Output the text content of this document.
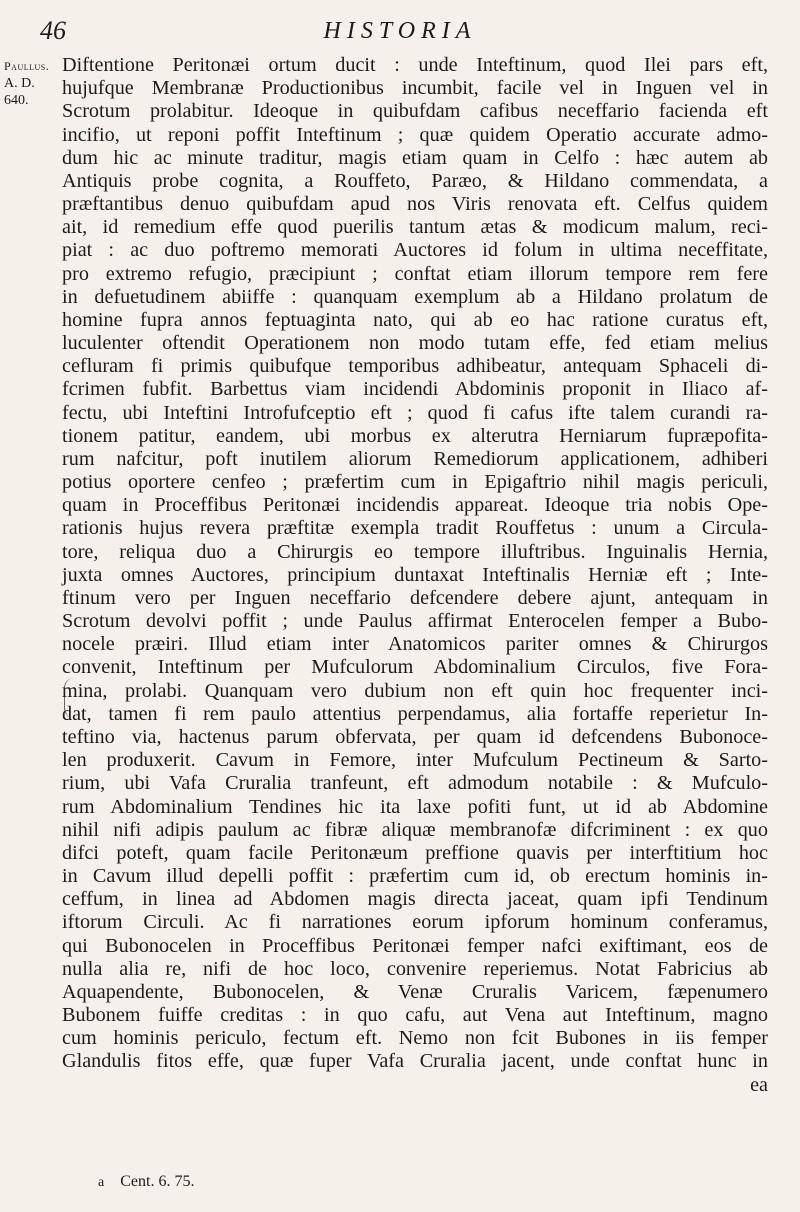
46	HISTORIA
Paullus.
A. D.
640.
Diftentione Peritonæi ortum ducit : unde Inteftinum, quod Ilei pars eft,
hujufque Membranæ Productionibus incumbit, facile vel in Inguen vel in
Scrotum prolabitur. Ideoque in quibufdam cafibus neceffario facienda eft
incifio, ut reponi poffit Inteftinum ; quæ quidem Operatio accurate admo-
dum hic ac minute traditur, magis etiam quam in Celfo : hæc autem ab
Antiquis probe cognita, a Rouffeto, Paræo, & Hildano commendata, a
præftantibus denuo quibufdam apud nos Viris renovata eft. Celfus quidem
ait, id remedium effe quod puerilis tantum ætas & modicum malum, reci-
piat : ac duo poftremo memorati Auctores id folum in ultima neceffitate,
pro extremo refugio, præcipiunt ; conftat etiam illorum tempore rem fere
in defuetudinem abiiffe : quanquam exemplum ab a Hildano prolatum de
homine fupra annos feptuaginta nato, qui ab eo hac ratione curatus eft,
luculenter oftendit Operationem non modo tutam effe, fed etiam melius
cefluram fi primis quibufque temporibus adhibeatur, antequam Sphaceli di-
fcrimen fubfit. Barbettus viam incidendi Abdominis proponit in Iliaco af-
fectu, ubi Inteftini Introfufceptio eft ; quod fi cafus ifte talem curandi ra-
tionem patitur, eandem, ubi morbus ex alterutra Herniarum fupræpofita-
rum nafcitur, poft inutilem aliorum Remediorum applicationem, adhiberi
potius oportere cenfeo ; præfertim cum in Epigaftrio nihil magis periculi,
quam in Proceffibus Peritonæi incidendis appareat. Ideoque tria nobis Ope-
rationis hujus revera præftitæ exempla tradit Rouffetus : unum a Circula-
tore, reliqua duo a Chirurgis eo tempore illuftribus. Inguinalis Hernia,
juxta omnes Auctores, principium duntaxat Inteftinalis Herniæ eft ; Inte-
ftinum vero per Inguen neceffario defcendere debere ajunt, antequam in
Scrotum devolvi poffit ; unde Paulus affirmat Enterocelen femper a Bubo-
nocele præiri. Illud etiam inter Anatomicos pariter omnes & Chirurgos
convenit, Inteftinum per Mufculorum Abdominalium Circulos, five Fora-
mina, prolabi. Quanquam vero dubium non eft quin hoc frequenter inci-
dat, tamen fi rem paulo attentius perpendamus, alia fortaffe reperietur In-
teftino via, hactenus parum obfervata, per quam id defcendens Bubonoce-
len produxerit. Cavum in Femore, inter Mufculum Pectineum & Sarto-
rium, ubi Vafa Cruralia tranfeunt, eft admodum notabile : & Mufculo-
rum Abdominalium Tendines hic ita laxe pofiti funt, ut id ab Abdomine
nihil nifi adipis paulum ac fibræ aliquæ membranofæ difcriminent : ex quo
difci poteft, quam facile Peritonæum preffione quavis per interftitium hoc
in Cavum illud depelli poffit : præfertim cum id, ob erectum hominis in-
ceffum, in linea ad Abdomen magis directa jaceat, quam ipfi Tendinum
iftorum Circuli. Ac fi narrationes eorum ipforum hominum conferamus,
qui Bubonocelen in Proceffibus Peritonæi femper nafci exiftimant, eos de
nulla alia re, nifi de hoc loco, convenire reperiemus. Notat Fabricius ab
Aquapendente, Bubonocelen, & Venæ Cruralis Varicem, fæpenumero
Bubonem fuiffe creditas : in quo cafu, aut Vena aut Inteftinum, magno
cum hominis periculo, fectum eft. Nemo non fcit Bubones in iis femper
Glandulis fitos effe, quæ fuper Vafa Cruralia jacent, unde conftat hunc in
ea
a Cent. 6. 75.
